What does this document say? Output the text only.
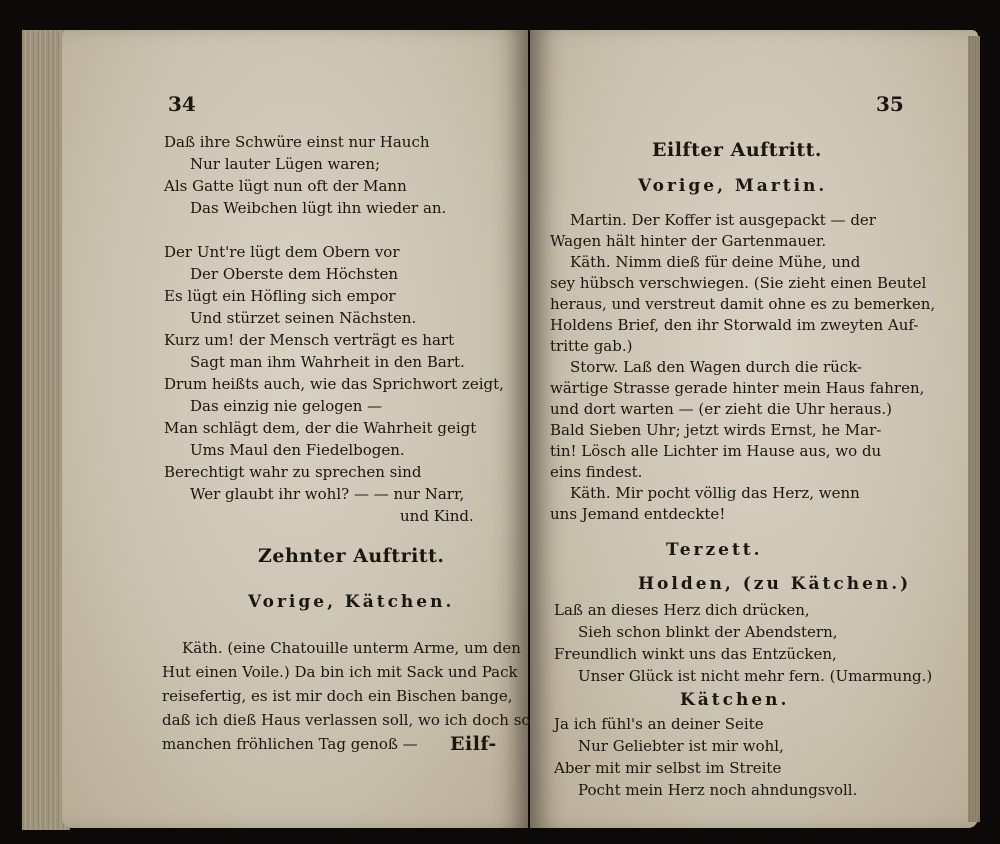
34
Daß ihre Schwüre einst nur Hauch
Nur lauter Lügen waren;
Als Gatte lügt nun oft der Mann
Das Weibchen lügt ihn wieder an.
Der Unt're lügt dem Obern vor
Der Oberste dem Höchsten
Es lügt ein Höfling sich empor
Und stürzet seinen Nächsten.
Kurz um! der Mensch verträgt es hart
Sagt man ihm Wahrheit in den Bart.
Drum heißts auch, wie das Sprichwort zeigt,
Das einzig nie gelogen —
Man schlägt dem, der die Wahrheit geigt
Ums Maul den Fiedelbogen.
Berechtigt wahr zu sprechen sind
Wer glaubt ihr wohl? — — nur Narr,
und Kind.
Zehnter Auftritt.
Vorige, Kätchen.
Käth. (eine Chatouille unterm Arme, um den
Hut einen Voile.) Da bin ich mit Sack und Pack
reisefertig, es ist mir doch ein Bischen bange,
daß ich dieß Haus verlassen soll, wo ich doch so
manchen fröhlichen Tag genoß — Eilf-
35
Eilfter Auftritt.
Vorige, Martin.
Martin. Der Koffer ist ausgepackt — der
Wagen hält hinter der Gartenmauer.
Käth. Nimm dieß für deine Mühe, und
sey hübsch verschwiegen. (Sie zieht einen Beutel
heraus, und verstreut damit ohne es zu bemerken,
Holdens Brief, den ihr Storwald im zweyten Auf-
tritte gab.)
Storw. Laß den Wagen durch die rück-
wärtige Strasse gerade hinter mein Haus fahren,
und dort warten — (er zieht die Uhr heraus.)
Bald Sieben Uhr; jetzt wirds Ernst, he Mar-
tin! Lösch alle Lichter im Hause aus, wo du
eins findest.
Käth. Mir pocht völlig das Herz, wenn
uns Jemand entdeckte!
Terzett.
Holden, (zu Kätchen.)
Laß an dieses Herz dich drücken,
Sieh schon blinkt der Abendstern,
Freundlich winkt uns das Entzücken,
Unser Glück ist nicht mehr fern. (Umarmung.)
Kätchen.
Ja ich fühl's an deiner Seite
Nur Geliebter ist mir wohl,
Aber mit mir selbst im Streite
Pocht mein Herz noch ahndungsvoll.
